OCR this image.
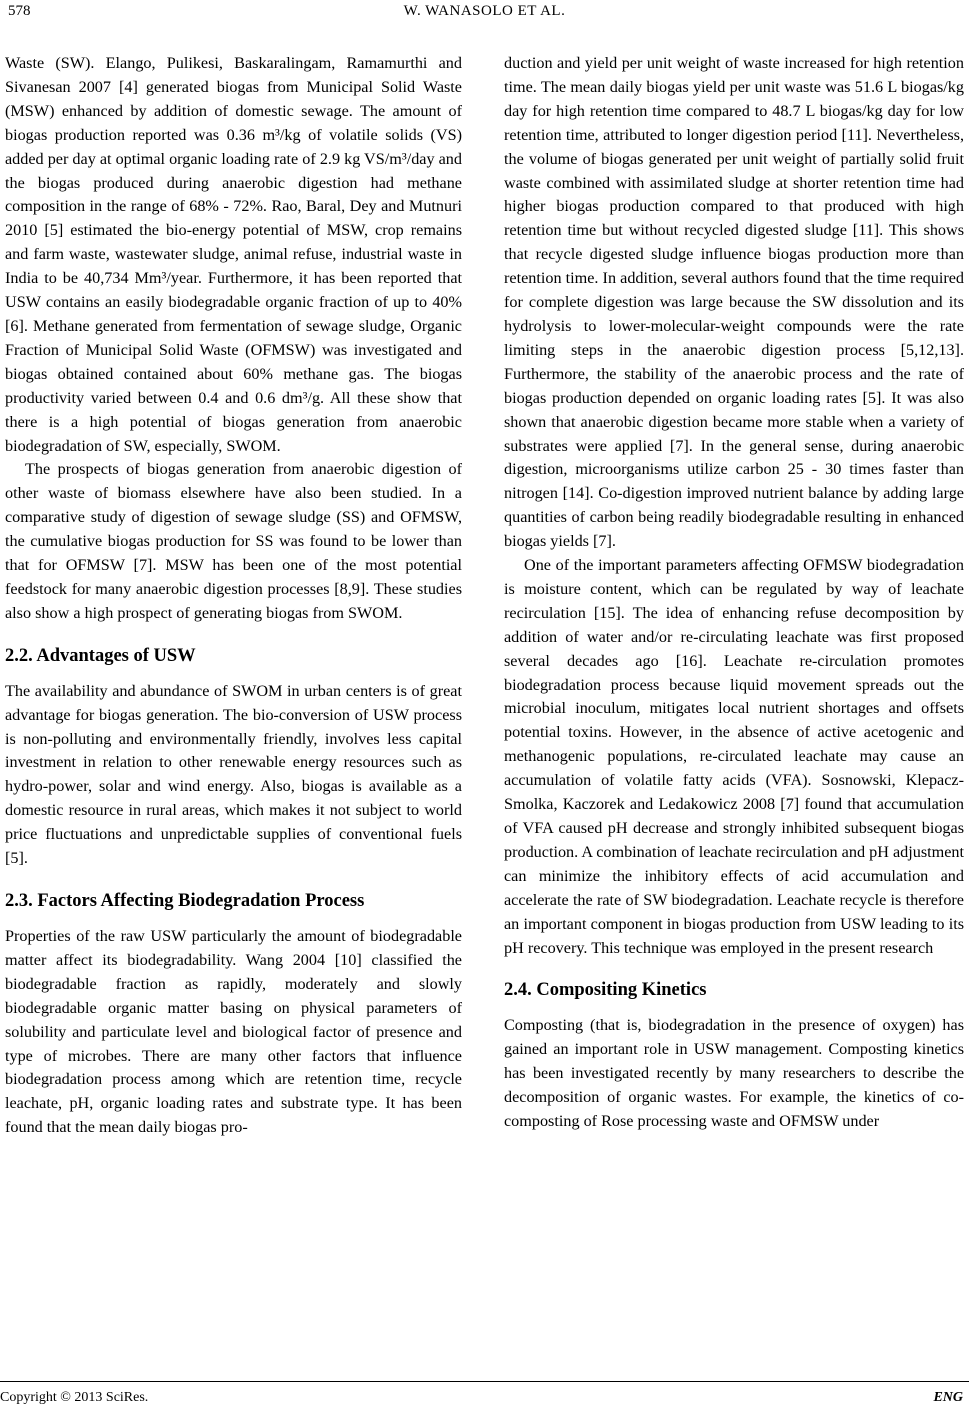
578	W. WANASOLO ET AL.

Waste (SW). Elango, Pulikesi, Baskaralingam, Ramamurthi and Sivanesan 2007 [4] generated biogas from Municipal Solid Waste (MSW) enhanced by addition of domestic sewage. The amount of biogas production reported was 0.36 m³/kg of volatile solids (VS) added per day at optimal organic loading rate of 2.9 kg VS/m³/day and the biogas produced during anaerobic digestion had methane composition in the range of 68% - 72%. Rao, Baral, Dey and Mutnuri 2010 [5] estimated the bio-energy potential of MSW, crop remains and farm waste, wastewater sludge, animal refuse, industrial waste in India to be 40,734 Mm³/year. Furthermore, it has been reported that USW contains an easily biodegradable organic fraction of up to 40% [6]. Methane generated from fermentation of sewage sludge, Organic Fraction of Municipal Solid Waste (OFMSW) was investigated and biogas obtained contained about 60% methane gas. The biogas productivity varied between 0.4 and 0.6 dm³/g. All these show that there is a high potential of biogas generation from anaerobic biodegradation of SW, especially, SWOM.

The prospects of biogas generation from anaerobic digestion of other waste of biomass elsewhere have also been studied. In a comparative study of digestion of sewage sludge (SS) and OFMSW, the cumulative biogas production for SS was found to be lower than that for OFMSW [7]. MSW has been one of the most potential feedstock for many anaerobic digestion processes [8,9]. These studies also show a high prospect of generating biogas from SWOM.

2.2. Advantages of USW

The availability and abundance of SWOM in urban centers is of great advantage for biogas generation. The bio-conversion of USW process is non-polluting and environmentally friendly, involves less capital investment in relation to other renewable energy resources such as hydro-power, solar and wind energy. Also, biogas is available as a domestic resource in rural areas, which makes it not subject to world price fluctuations and unpredictable supplies of conventional fuels [5].

2.3. Factors Affecting Biodegradation Process

Properties of the raw USW particularly the amount of biodegradable matter affect its biodegradability. Wang 2004 [10] classified the biodegradable fraction as rapidly, moderately and slowly biodegradable organic matter basing on physical parameters of solubility and particulate level and biological factor of presence and type of microbes. There are many other factors that influence biodegradation process among which are retention time, recycle leachate, pH, organic loading rates and substrate type. It has been found that the mean daily biogas pro-

duction and yield per unit weight of waste increased for high retention time. The mean daily biogas yield per unit waste was 51.6 L biogas/kg day for high retention time compared to 48.7 L biogas/kg day for low retention time, attributed to longer digestion period [11]. Nevertheless, the volume of biogas generated per unit weight of partially solid fruit waste combined with assimilated sludge at shorter retention time had higher biogas production compared to that produced with high retention time but without recycled digested sludge [11]. This shows that recycle digested sludge influence biogas production more than retention time. In addition, several authors found that the time required for complete digestion was large because the SW dissolution and its hydrolysis to lower-molecular-weight compounds were the rate limiting steps in the anaerobic digestion process [5,12,13]. Furthermore, the stability of the anaerobic process and the rate of biogas production depended on organic loading rates [5]. It was also shown that anaerobic digestion became more stable when a variety of substrates were applied [7]. In the general sense, during anaerobic digestion, microorganisms utilize carbon 25 - 30 times faster than nitrogen [14]. Co-digestion improved nutrient balance by adding large quantities of carbon being readily biodegradable resulting in enhanced biogas yields [7].

One of the important parameters affecting OFMSW biodegradation is moisture content, which can be regulated by way of leachate recirculation [15]. The idea of enhancing refuse decomposition by addition of water and/or re-circulating leachate was first proposed several decades ago [16]. Leachate re-circulation promotes biodegradation process because liquid movement spreads out the microbial inoculum, mitigates local nutrient shortages and offsets potential toxins. However, in the absence of active acetogenic and methanogenic populations, re-circulated leachate may cause an accumulation of volatile fatty acids (VFA). Sosnowski, Klepacz-Smolka, Kaczorek and Ledakowicz 2008 [7] found that accumulation of VFA caused pH decrease and strongly inhibited subsequent biogas production. A combination of leachate recirculation and pH adjustment can minimize the inhibitory effects of acid accumulation and accelerate the rate of SW biodegradation. Leachate recycle is therefore an important component in biogas production from USW leading to its pH recovery. This technique was employed in the present research

2.4. Compositing Kinetics

Composting (that is, biodegradation in the presence of oxygen) has gained an important role in USW management. Composting kinetics has been investigated recently by many researchers to describe the decomposition of organic wastes. For example, the kinetics of co-composting of Rose processing waste and OFMSW under

Copyright © 2013 SciRes.	ENG
